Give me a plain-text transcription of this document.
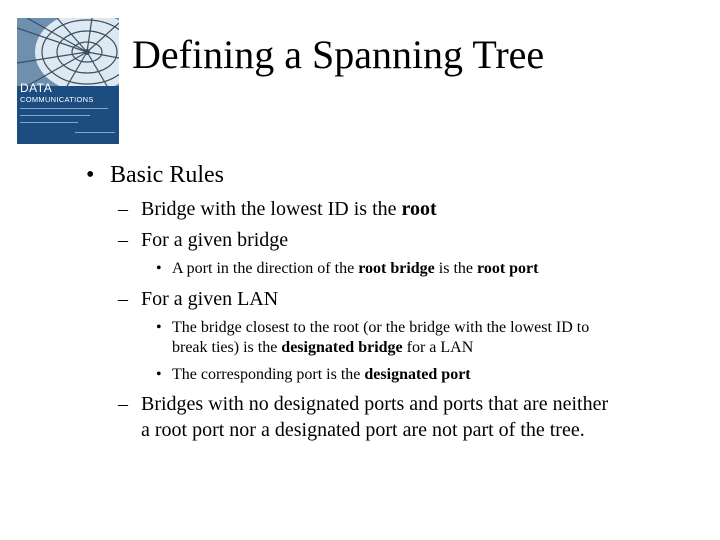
DATA
COMMUNICATIONS
Defining a Spanning Tree
• Basic Rules
– Bridge with the lowest ID is the root
– For a given bridge
• A port in the direction of the root bridge is the root port
– For a given LAN
• The bridge closest to the root (or the bridge with the lowest ID to
break ties) is the designated bridge for a LAN
• The corresponding port is the designated port
– Bridges with no designated ports and ports that are neither
a root port nor a designated port are not part of the tree.
